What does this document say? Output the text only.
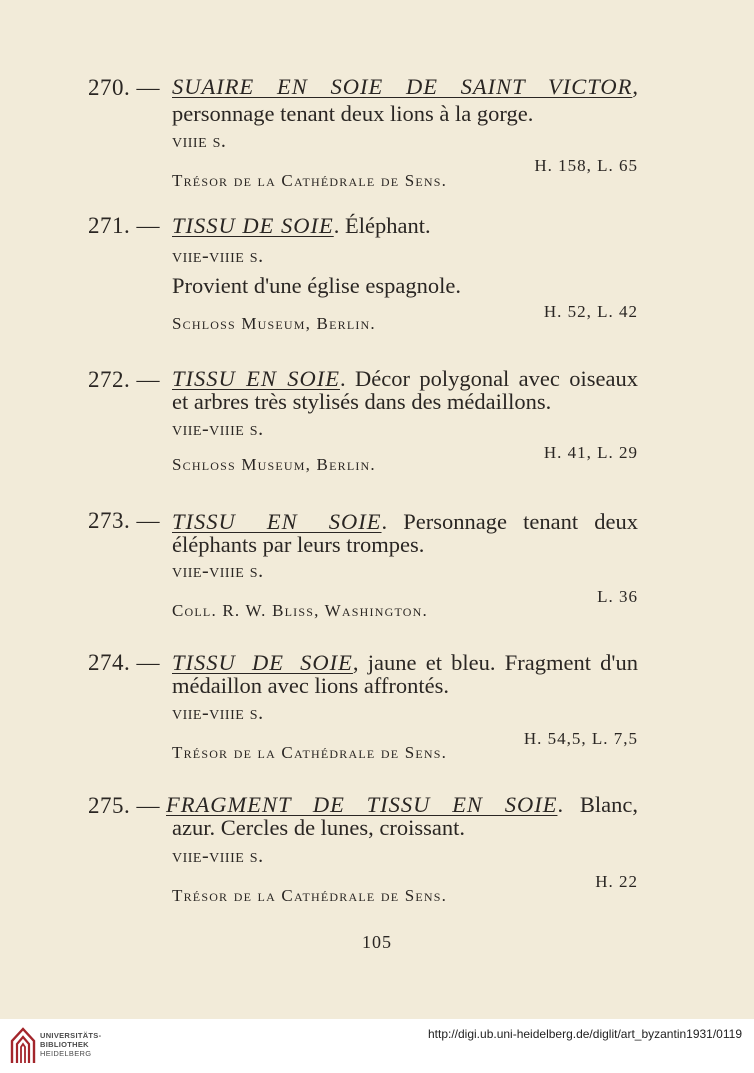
270. — SUAIRE EN SOIE DE SAINT VICTOR,
personnage tenant deux lions à la gorge.
viiie s.
H. 158, L. 65
Trésor de la Cathédrale de Sens.
271. — TISSU DE SOIE. Éléphant.
viie-viiie s.
Provient d'une église espagnole.
H. 52, L. 42
Schloss Museum, Berlin.
272. — TISSU EN SOIE. Décor polygonal avec oiseaux
et arbres très stylisés dans des médaillons.
viie-viiie s.
H. 41, L. 29
Schloss Museum, Berlin.
273. — TISSU EN SOIE. Personnage tenant deux
éléphants par leurs trompes.
viie-viiie s.
L. 36
Coll. R. W. Bliss, Washington.
274. — TISSU DE SOIE, jaune et bleu. Fragment d'un
médaillon avec lions affrontés.
viie-viiie s.
H. 54,5, L. 7,5
Trésor de la Cathédrale de Sens.
275. — FRAGMENT DE TISSU EN SOIE. Blanc,
azur. Cercles de lunes, croissant.
viie-viiie s.
H. 22
Trésor de la Cathédrale de Sens.
105
UNIVERSITÄTS-
BIBLIOTHEK
HEIDELBERG
http://digi.ub.uni-heidelberg.de/diglit/art_byzantin1931/0119
